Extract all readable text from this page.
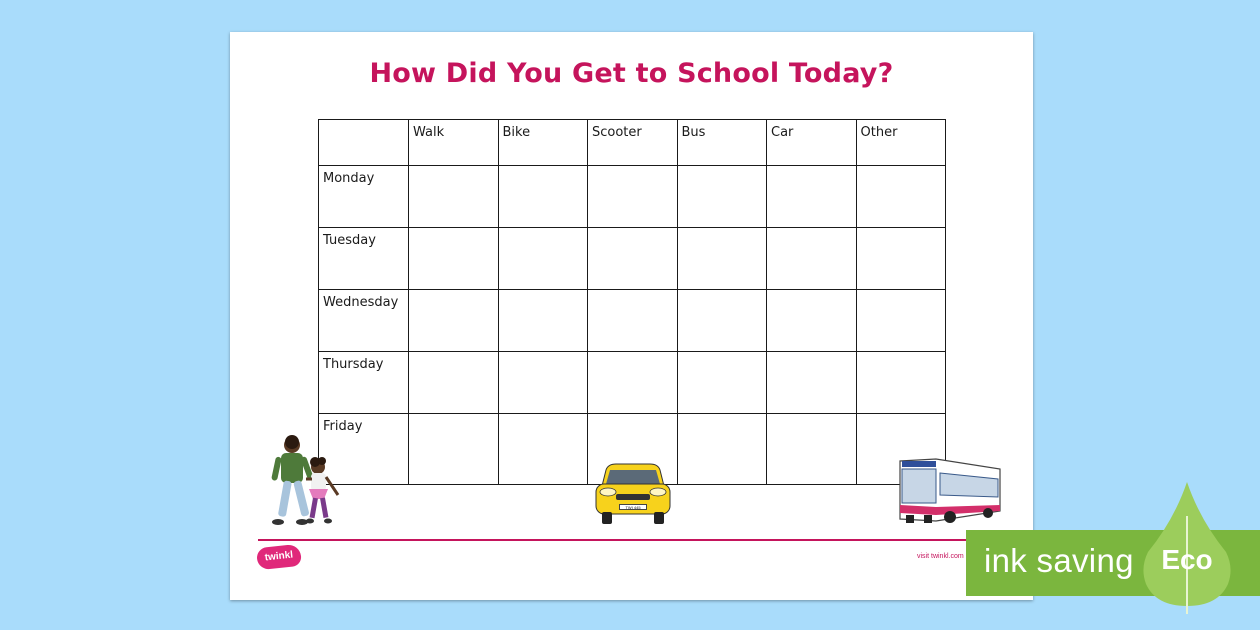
How Did You Get to School Today?
	Walk	Bike	Scooter	Bus	Car	Other
Monday						
Tuesday						
Wednesday						
Thursday						
Friday						
TWI 445
twinkl	visit twinkl.com ink saving Eco
